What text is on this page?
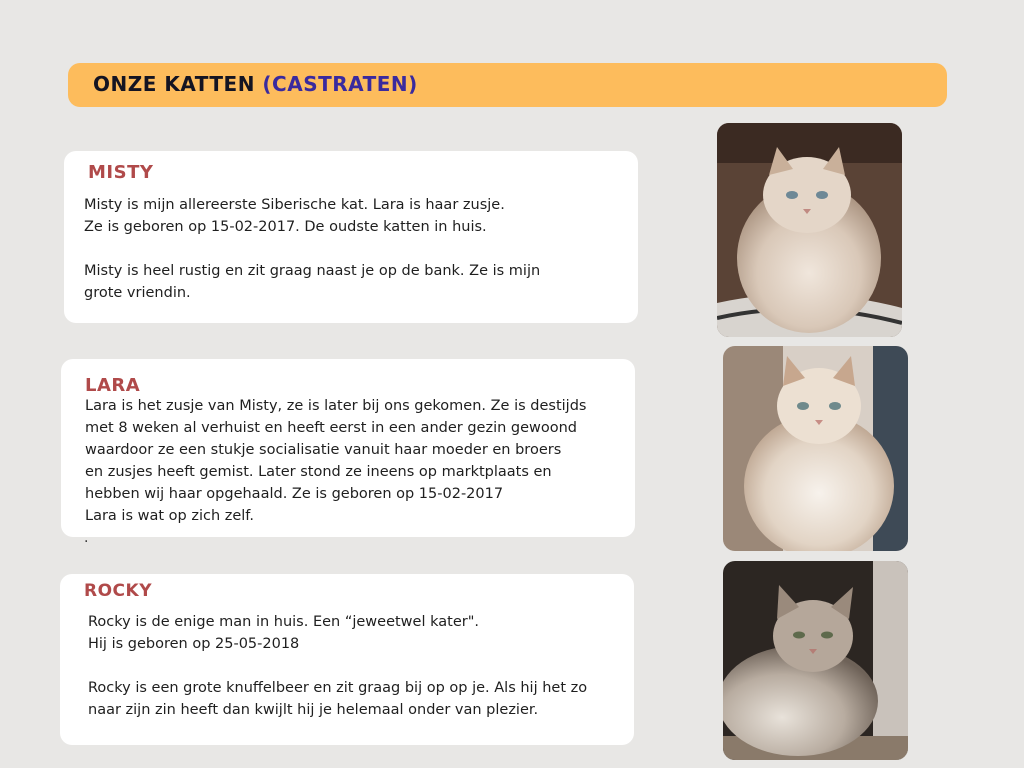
ONZE KATTEN (CASTRATEN)
MISTY
Misty is mijn allereerste Siberische kat. Lara is haar zusje.
Ze is geboren op 15-02-2017. De oudste katten in huis.

Misty is heel rustig en zit graag naast je op de bank. Ze is mijn
grote vriendin.
LARA
Lara is het zusje van Misty, ze is later bij ons gekomen. Ze is destijds
met 8 weken al verhuist en heeft eerst in een ander gezin gewoond
waardoor ze een stukje socialisatie vanuit haar moeder en broers
en zusjes heeft gemist. Later stond ze ineens op marktplaats en
hebben wij haar opgehaald. Ze is geboren op 15-02-2017
Lara is wat op zich zelf.
.
ROCKY
Rocky is de enige man in huis. Een “jeweetwel kater".
Hij is geboren op 25-05-2018

Rocky is een grote knuffelbeer en zit graag bij op op je. Als hij het zo
naar zijn zin heeft dan kwijlt hij je helemaal onder van plezier.
